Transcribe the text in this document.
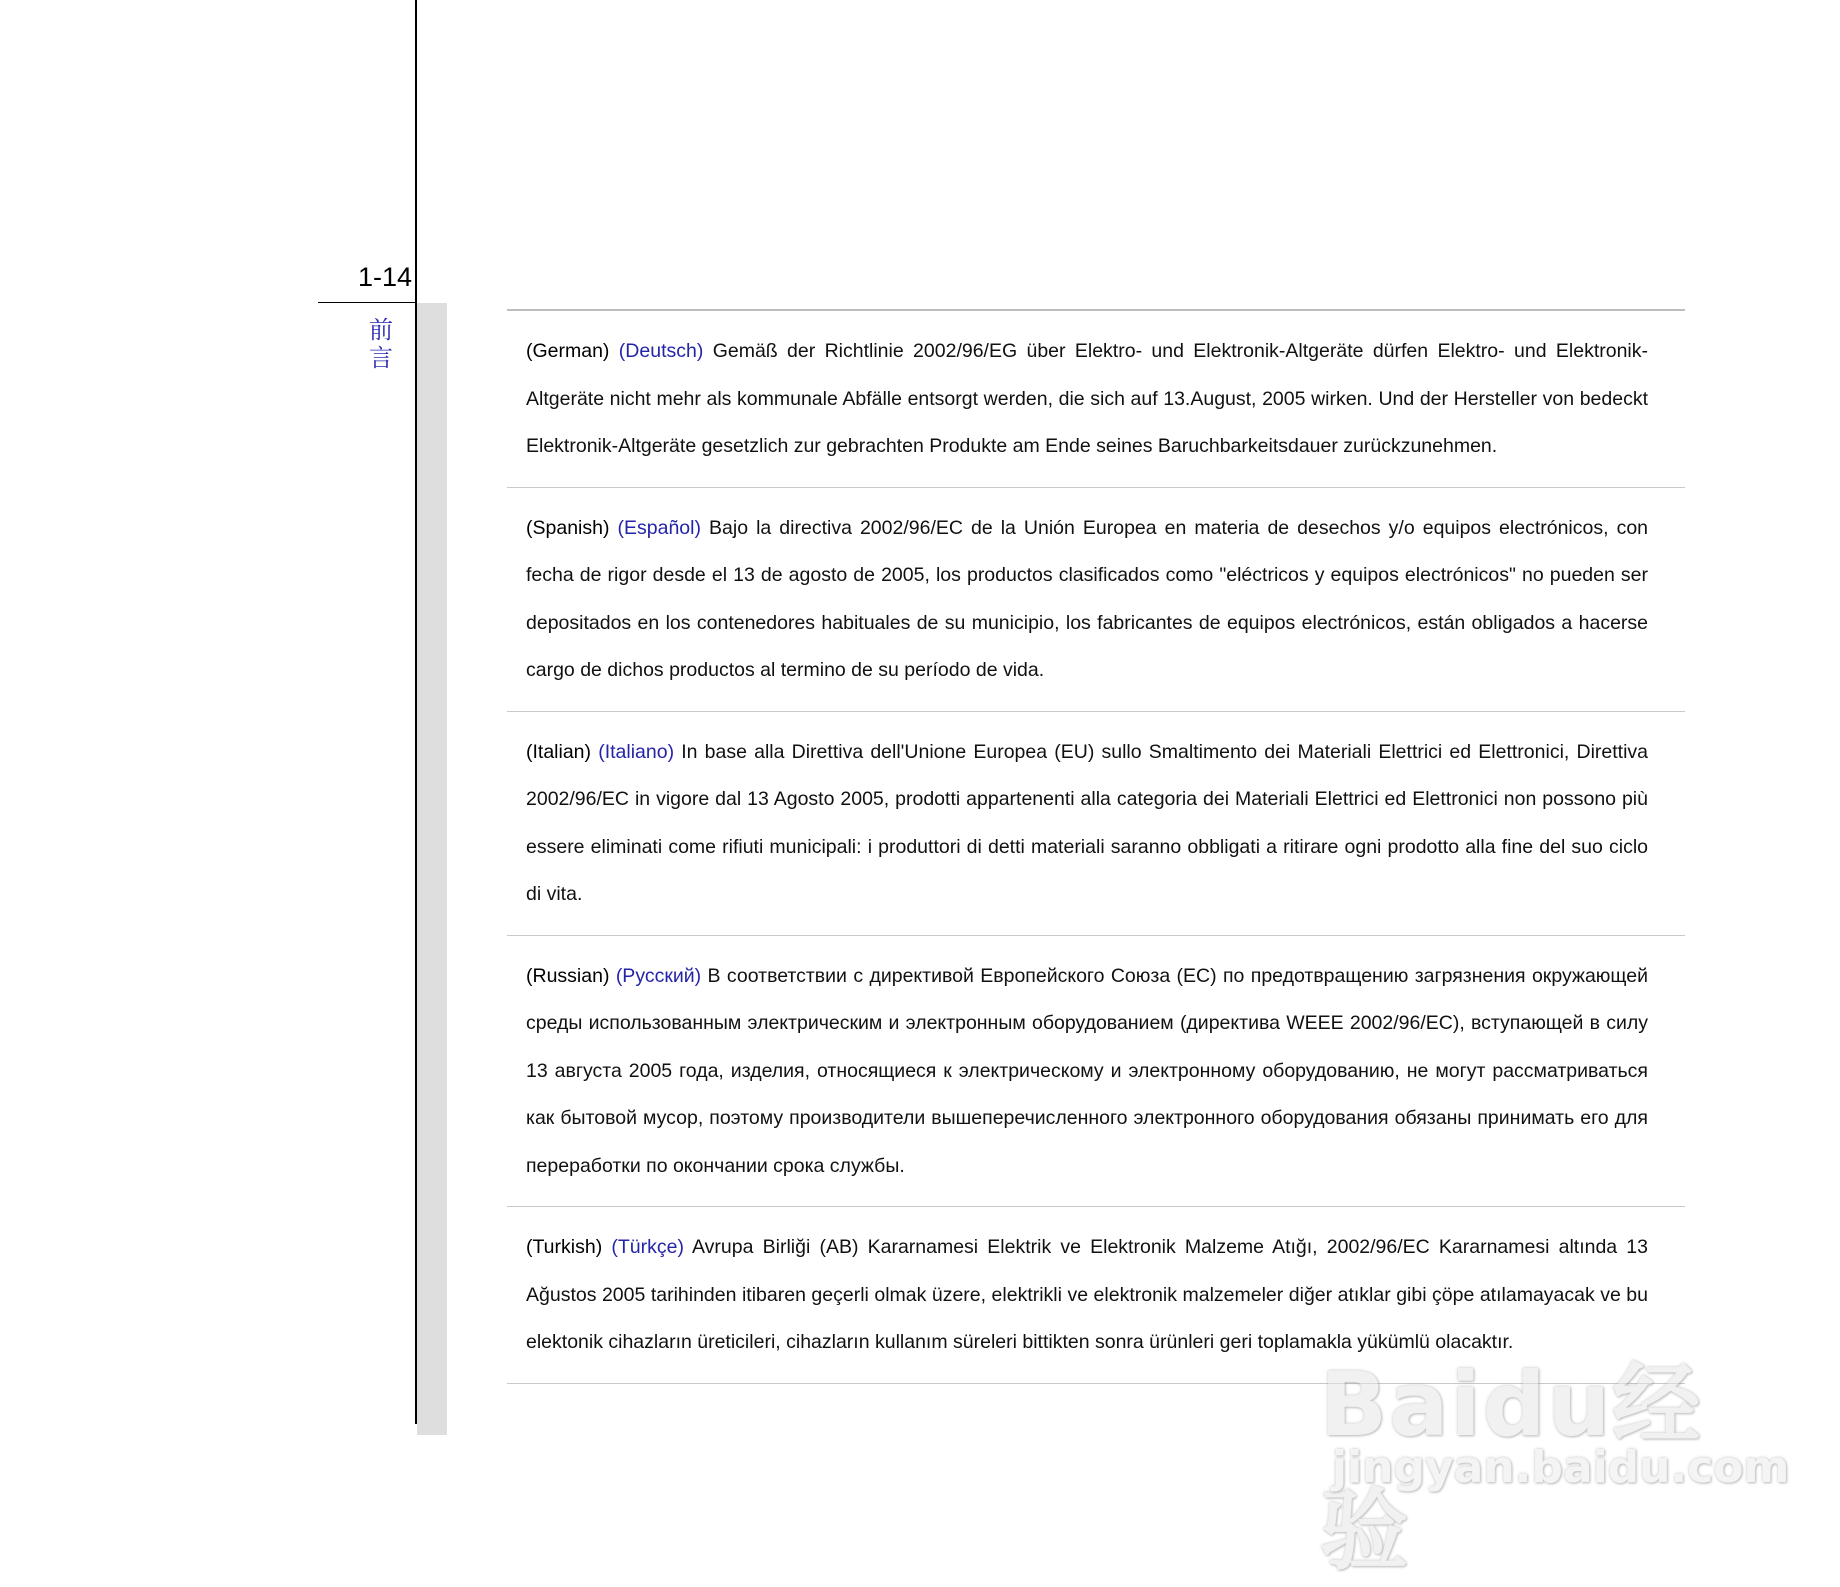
1-14
前言	(German) (Deutsch) Gemäß der Richtlinie 2002/96/EG über Elektro- und Elektronik-Altgeräte dürfen Elektro- und Elektronik-Altgeräte nicht mehr als kommunale Abfälle entsorgt werden, die sich auf 13.August, 2005 wirken. Und der Hersteller von bedeckt Elektronik-Altgeräte gesetzlich zur gebrachten Produkte am Ende seines Baruchbarkeitsdauer zurückzunehmen.
(Spanish) (Español) Bajo la directiva 2002/96/EC de la Unión Europea en materia de desechos y/o equipos electrónicos, con fecha de rigor desde el 13 de agosto de 2005, los productos clasificados como "eléctricos y equipos electrónicos" no pueden ser depositados en los contenedores habituales de su municipio, los fabricantes de equipos electrónicos, están obligados a hacerse cargo de dichos productos al termino de su período de vida.
(Italian) (Italiano) In base alla Direttiva dell'Unione Europea (EU) sullo Smaltimento dei Materiali Elettrici ed Elettronici, Direttiva 2002/96/EC in vigore dal 13 Agosto 2005, prodotti appartenenti alla categoria dei Materiali Elettrici ed Elettronici non possono più essere eliminati come rifiuti municipali: i produttori di detti materiali saranno obbligati a ritirare ogni prodotto alla fine del suo ciclo di vita.
(Russian) (Русский) В соответствии с директивой Европейского Союза (ЕС) по предотвращению загрязнения окружающей среды использованным электрическим и электронным оборудованием (директива WEEE 2002/96/EC), вступающей в силу 13 августа 2005 года, изделия, относящиеся к электрическому и электронному оборудованию, не могут рассматриваться как бытовой мусор, поэтому производители вышеперечисленного электронного оборудования обязаны принимать его для переработки по окончании срока службы.
(Turkish) (Türkçe) Avrupa Birliği (AB) Kararnamesi Elektrik ve Elektronik Malzeme Atığı, 2002/96/EC Kararnamesi altında 13 Ağustos 2005 tarihinden itibaren geçerli olmak üzere, elektrikli ve elektronik malzemeler diğer atıklar gibi çöpe atılamayacak ve bu elektonik cihazların üreticileri, cihazların kullanım süreleri bittikten sonra ürünleri geri toplamakla yükümlü olacaktır.
Baidu经验
jingyan.baidu.com
